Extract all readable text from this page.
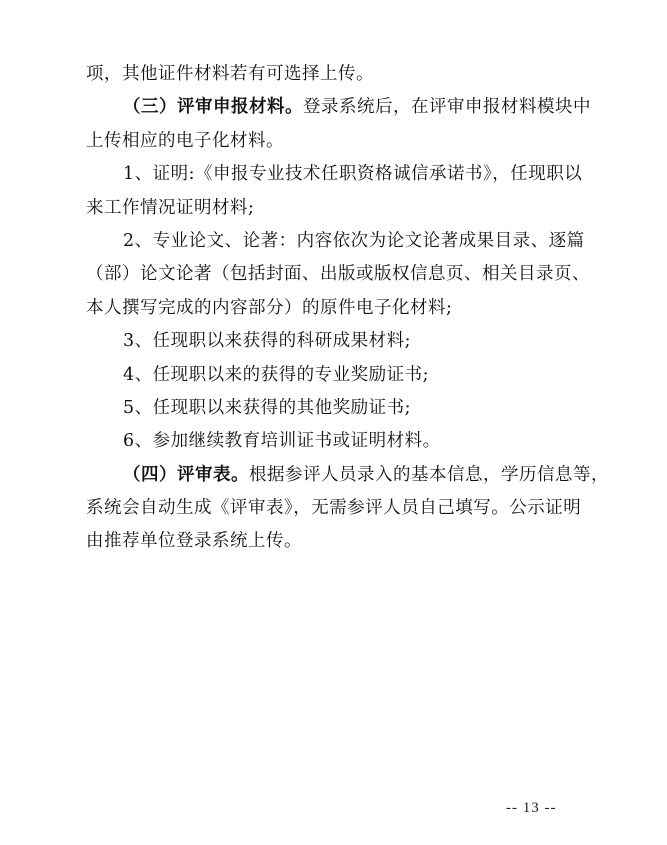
项，其他证件材料若有可选择上传。
（三）评审申报材料。登录系统后，在评审申报材料模块中
上传相应的电子化材料。
1、证明:《申报专业技术任职资格诚信承诺书》，任现职以
来工作情况证明材料;
2、专业论文、论著：内容依次为论文论著成果目录、逐篇
（部）论文论著（包括封面、出版或版权信息页、相关目录页、
本人撰写完成的内容部分）的原件电子化材料;
3、任现职以来获得的科研成果材料;
4、任现职以来的获得的专业奖励证书;
5、任现职以来获得的其他奖励证书;
6、参加继续教育培训证书或证明材料。
（四）评审表。根据参评人员录入的基本信息，学历信息等，
系统会自动生成《评审表》，无需参评人员自己填写。公示证明
由推荐单位登录系统上传。
-- 13 --
